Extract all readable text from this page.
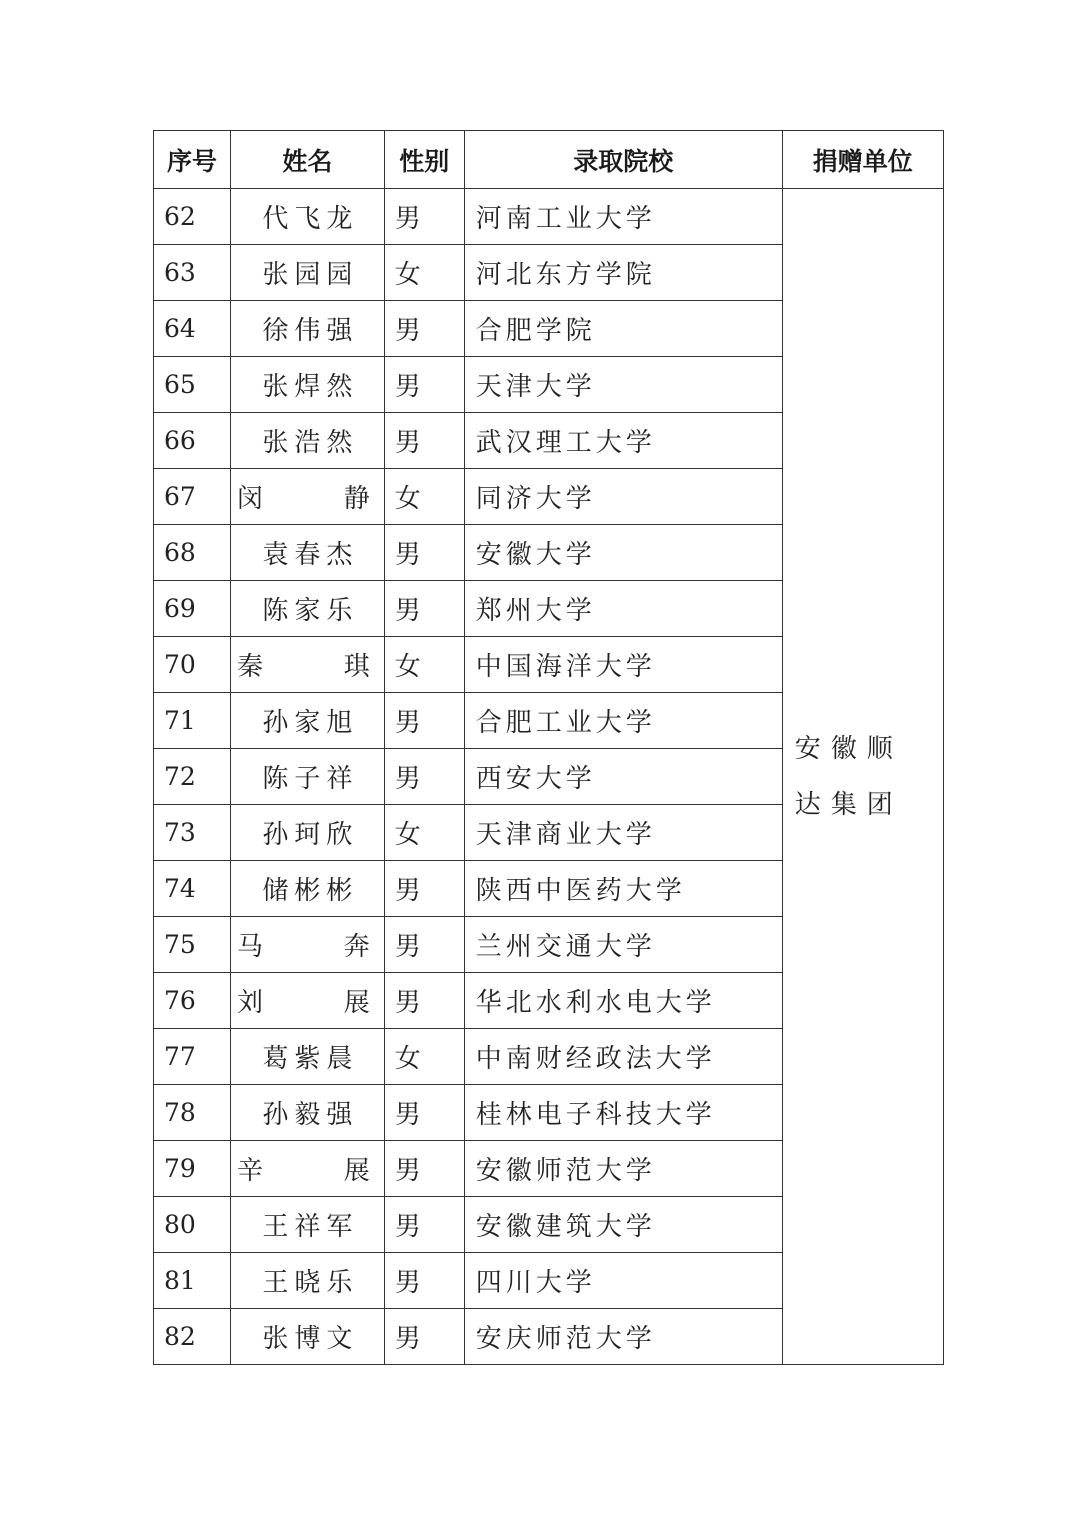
序号	姓名	性别	录取院校	捐赠单位
62	代飞龙	男	河南工业大学	安徽顺达集团

63	张园园	女	河北东方学院	
64	徐伟强	男	合肥学院	
65	张焊然	男	天津大学	
66	张浩然	男	武汉理工大学	
67	闵   静	女	同济大学	
68	袁春杰	男	安徽大学	
69	陈家乐	男	郑州大学	
70	秦   琪	女	中国海洋大学	
71	孙家旭	男	合肥工业大学	
72	陈子祥	男	西安大学	
73	孙珂欣	女	天津商业大学	
74	储彬彬	男	陕西中医药大学	
75	马   奔	男	兰州交通大学	
76	刘   展	男	华北水利水电大学	
77	葛紫晨	女	中南财经政法大学	
78	孙毅强	男	桂林电子科技大学	
79	辛   展	男	安徽师范大学	
80	王祥军	男	安徽建筑大学	
81	王晓乐	男	四川大学	
82	张博文	男	安庆师范大学	
